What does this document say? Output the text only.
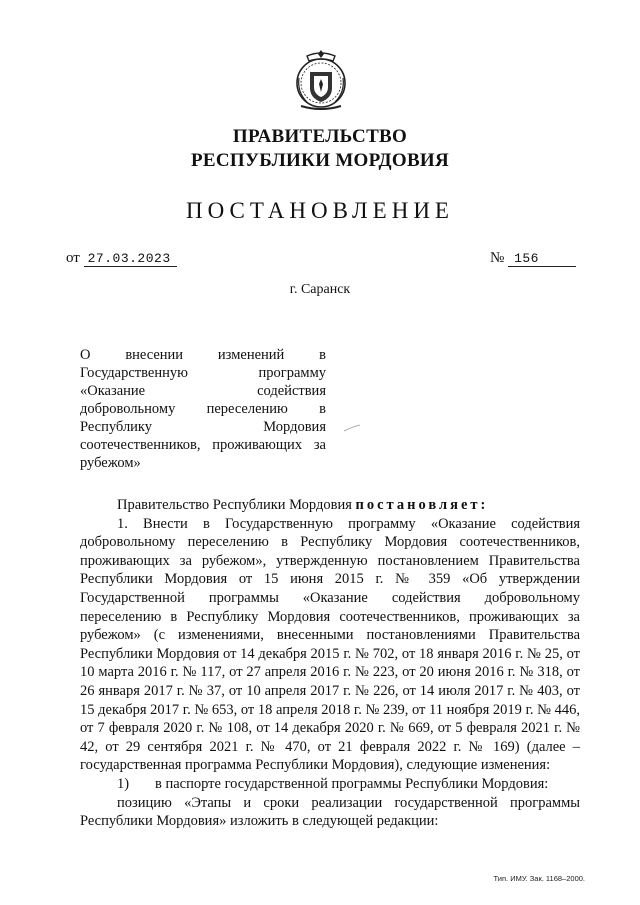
ПРАВИТЕЛЬСТВО
РЕСПУБЛИКИ МОРДОВИЯ
ПОСТАНОВЛЕНИЕ
от 27.03.2023	№ 156
г. Саранск
О внесении изменений в
Государственную программу
«Оказание содействия
добровольному переселению в
Республику Мордовия
соотечественников, проживающих за
рубежом»

Правительство Республики Мордовия постановляет:

1. Внести в Государственную программу «Оказание содействия добровольному переселению в Республику Мордовия соотечественников, проживающих за рубежом», утвержденную постановлением Правительства Республики Мордовия от 15 июня 2015 г. № 359 «Об утверждении Государственной программы «Оказание содействия добровольному переселению в Республику Мордовия соотечественников, проживающих за рубежом» (с изменениями, внесенными постановлениями Правительства Республики Мордовия от 14 декабря 2015 г. № 702, от 18 января 2016 г. № 25, от 10 марта 2016 г. № 117, от 27 апреля 2016 г. № 223, от 20 июня 2016 г. № 318, от 26 января 2017 г. № 37, от 10 апреля 2017 г. № 226, от 14 июля 2017 г. № 403, от 15 декабря 2017 г. № 653, от 18 апреля 2018 г. № 239, от 11 ноября 2019 г. № 446, от 7 февраля 2020 г. № 108, от 14 декабря 2020 г. № 669, от 5 февраля 2021 г. № 42, от 29 сентября 2021 г. № 470, от 21 февраля 2022 г. № 169) (далее – государственная программа Республики Мордовия), следующие изменения:

1) в паспорте государственной программы Республики Мордовия:

позицию «Этапы и сроки реализации государственной программы Республики Мордовия» изложить в следующей редакции:

Тип. ИМУ. Зак. 1168–2000.
